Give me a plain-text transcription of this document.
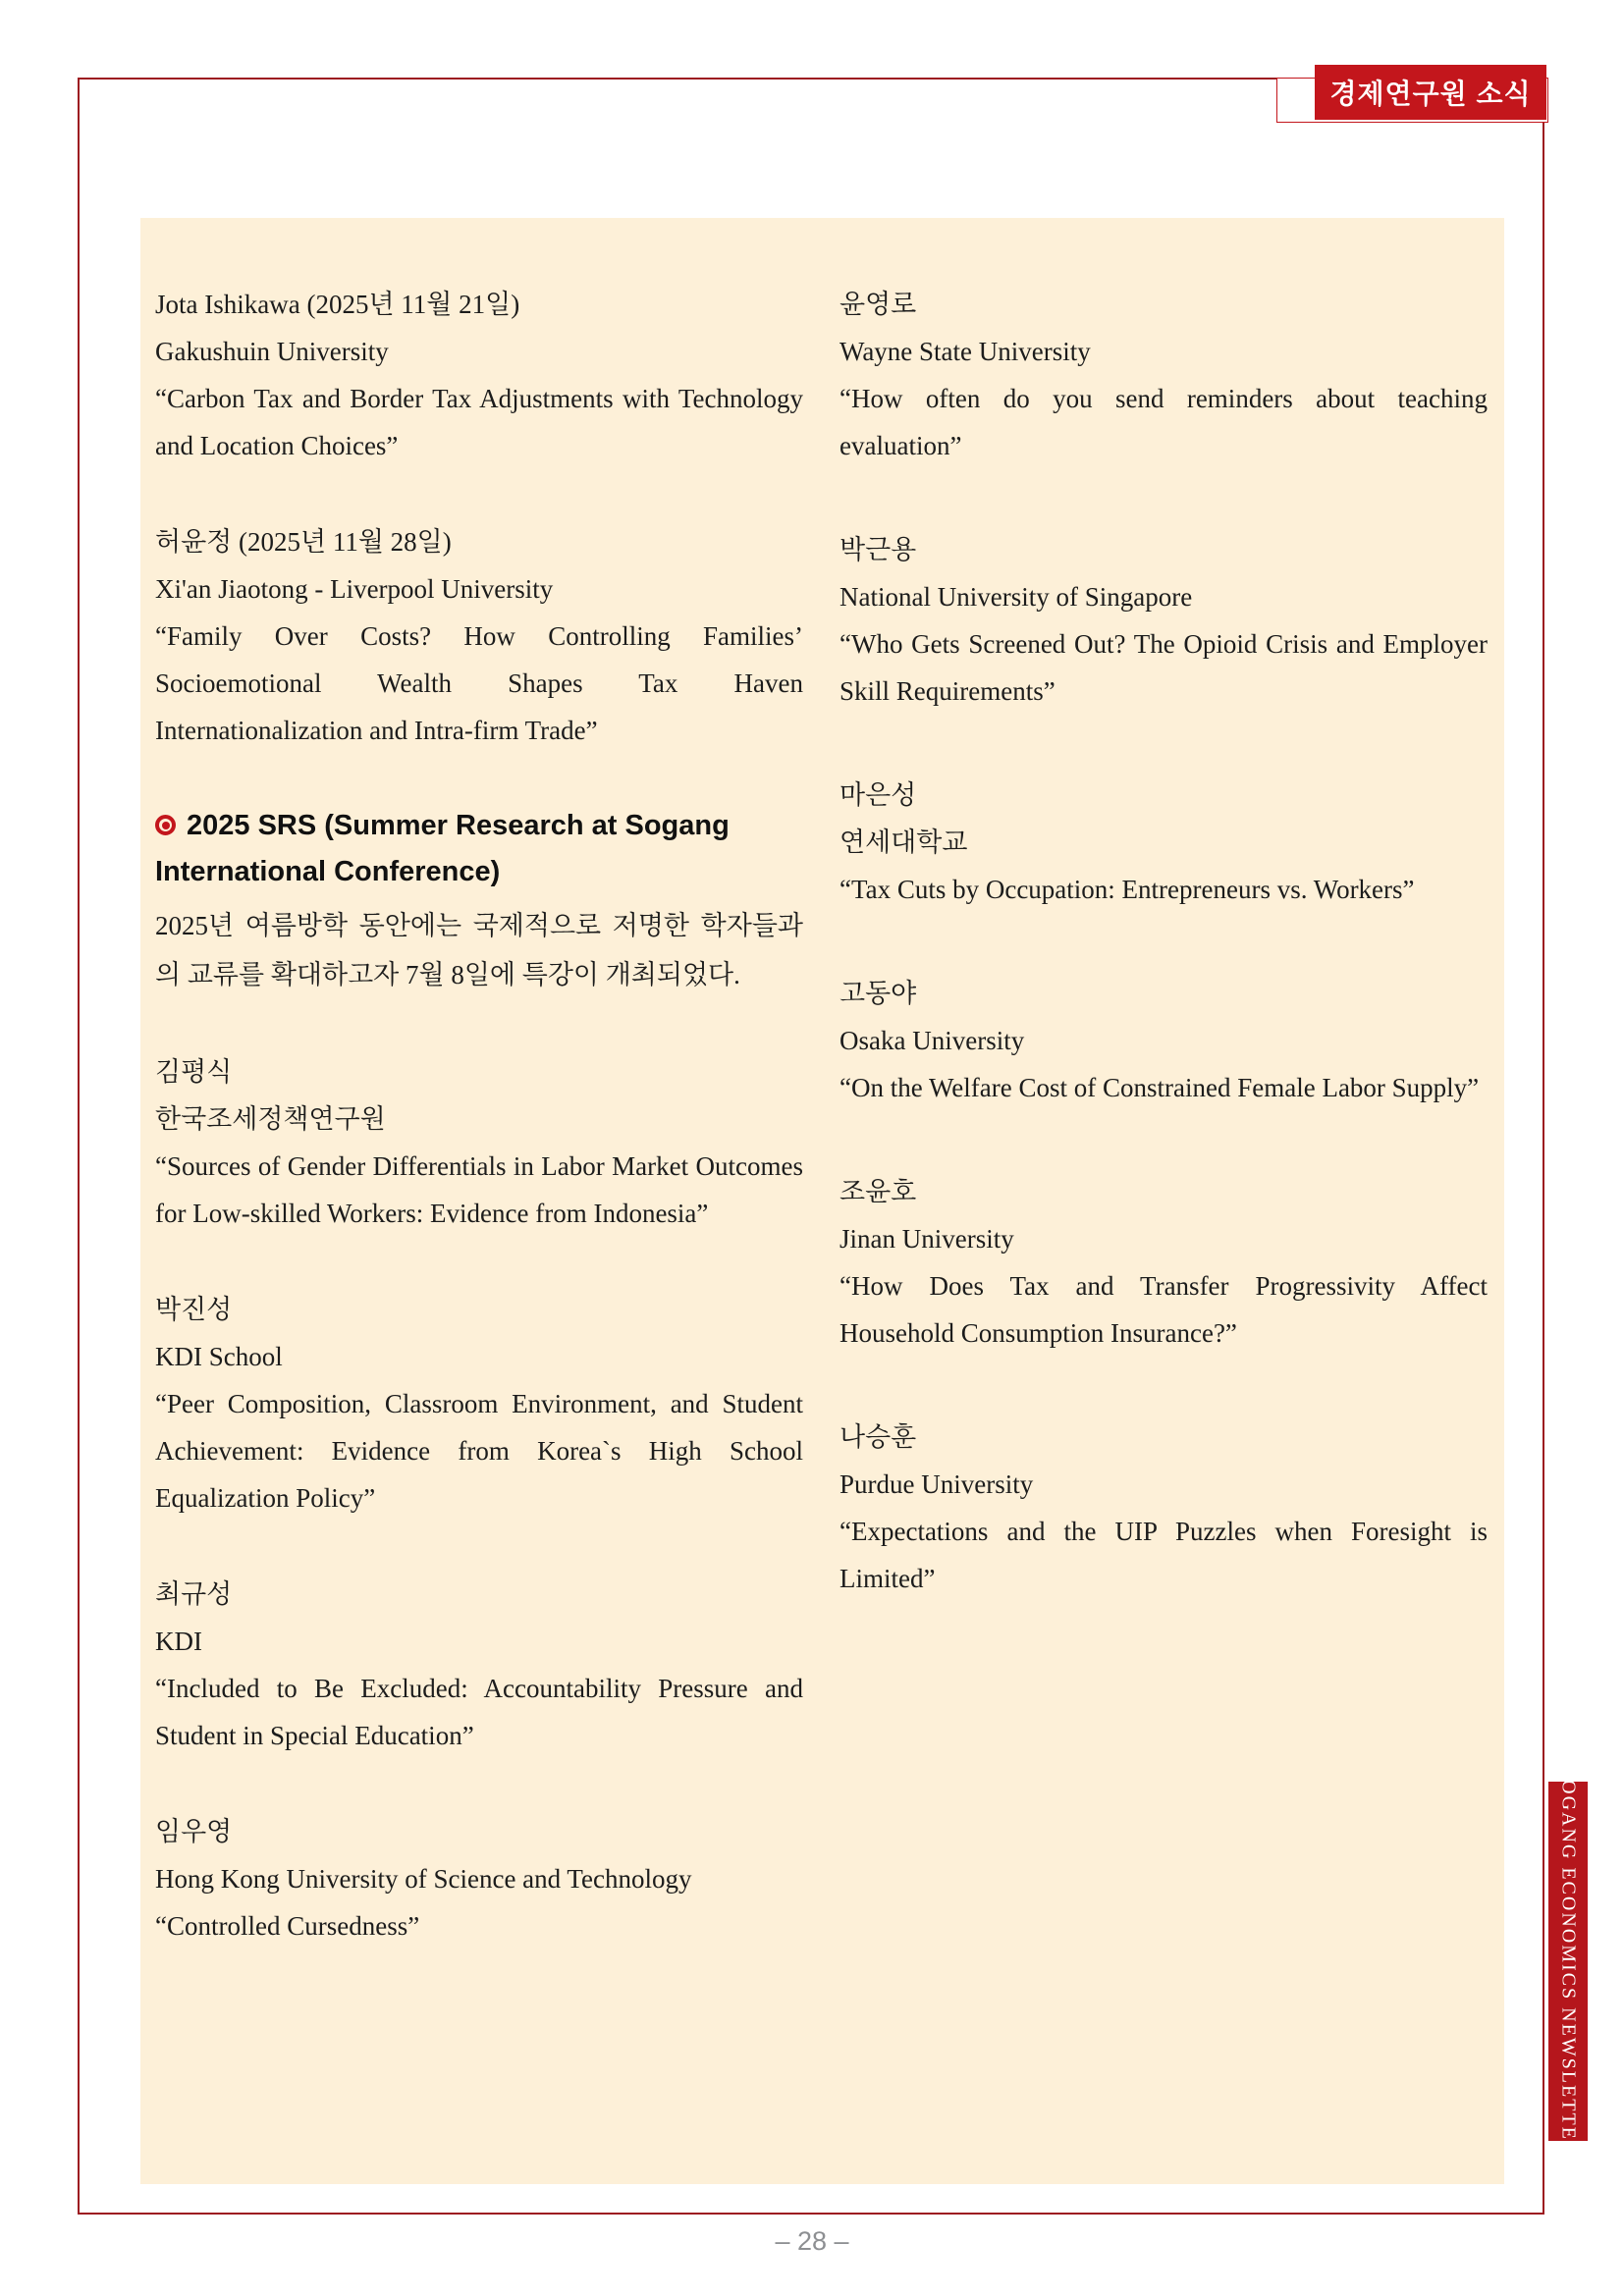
경제연구원 소식

Jota Ishikawa (2025년 11월 21일)

Gakushuin University

“Carbon Tax and Border Tax Adjustments with Technology and Location Choices”

허윤정 (2025년 11월 28일)

Xi'an Jiaotong - Liverpool University

“Family Over Costs? How Controlling Families’ Socioemotional Wealth Shapes Tax Haven Internationalization and Intra-firm Trade”

2025 SRS (Summer Research at Sogang International Conference)

2025년 여름방학 동안에는 국제적으로 저명한 학자들과의 교류를 확대하고자 7월 8일에 특강이 개최되었다.

김평식

한국조세정책연구원

“Sources of Gender Differentials in Labor Market Outcomes for Low-skilled Workers: Evidence from Indonesia”

박진성

KDI School

“Peer Composition, Classroom Environment, and Student Achievement: Evidence from Korea`s High School Equalization Policy”

최규성

KDI

“Included to Be Excluded: Accountability Pressure and Student in Special Education”

임우영

Hong Kong University of Science and Technology

“Controlled Cursedness”

윤영로

Wayne State University

“How often do you send reminders about teaching evaluation”

박근용

National University of Singapore

“Who Gets Screened Out? The Opioid Crisis and Employer Skill Requirements”

마은성

연세대학교

“Tax Cuts by Occupation: Entrepreneurs vs. Workers”

고동야

Osaka University

“On the Welfare Cost of Constrained Female Labor Supply”

조윤호

Jinan University

“How Does Tax and Transfer Progressivity Affect Household Consumption Insurance?”

나승훈

Purdue University

“Expectations and the UIP Puzzles when Foresight is Limited”

SOGANG ECONOMICS NEWSLETTER
– 28 –
